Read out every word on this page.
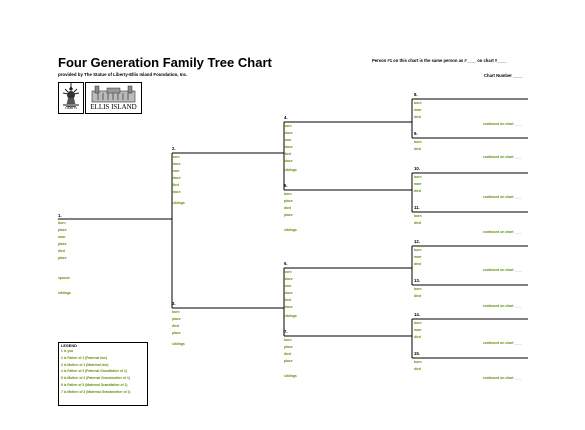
Four Generation Family Tree Chart
provided by The Statue of Liberty-Ellis Island Foundation, Inc.
Person #1 on this chart is the same person as #____ on chart #____
Chart Number ____
LIBERTY	ELLIS ISLAND
1.
born
place
marr
place
died
place
spouse
siblings
2.
born
place
marr
place
died
place
siblings
3.
born
place
died
place
siblings
4.
born
place
marr
place
died
place
siblings
5.
born
place
died
place
siblings
6.
born
place
marr
place
died
place
siblings
7.
born
place
died
place
siblings
8.
born
marr
died
continued on chart ____
9.
born
died
continued on chart ____
10.
born
marr
died
continued on chart ____
11.
born
died
continued on chart ____
12.
born
marr
died
continued on chart ____
13.
born
died
continued on chart ____
14.
born
marr
died
continued on chart ____
15.
born
died
continued on chart ____
LEGEND
1 is you
2 is Father of 1 (Paternal line)
3 is Mother of 1 (Maternal line)
4 is Father of 2 (Paternal Grandfather of 1)
5 is Mother of 2 (Paternal Grandmother of 1)
6 is Father of 3 (Maternal Grandfather of 1)
7 is Mother of 3 (Maternal Grandmother of 1)
